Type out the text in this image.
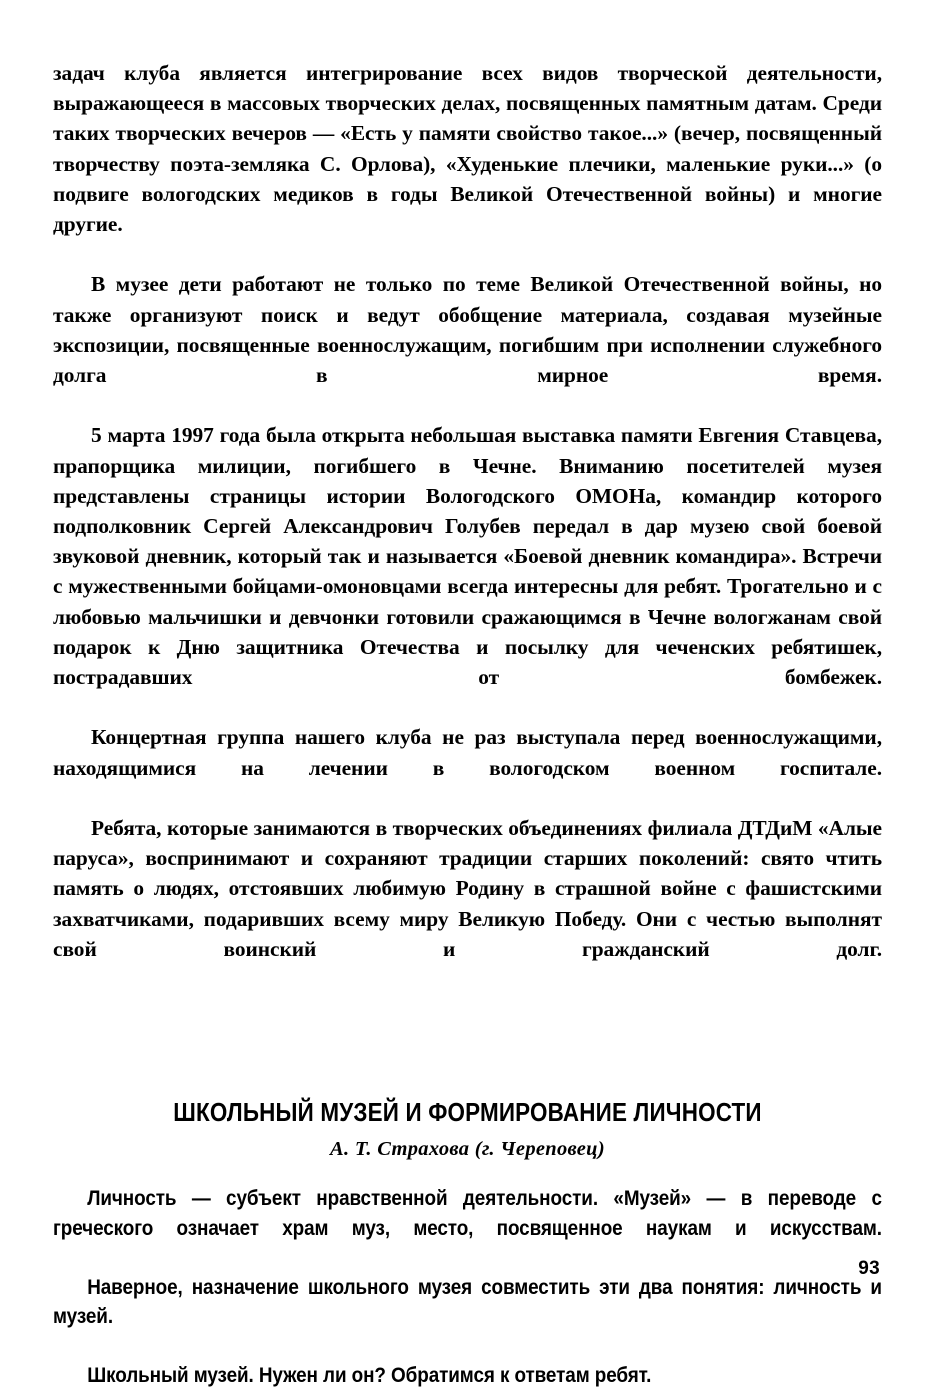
задач клуба является интегрирование всех видов творческой деятельности, выражающееся в массовых творческих делах, посвященных памятным датам. Среди таких творческих вечеров — «Есть у памяти свойство такое...» (вечер, посвященный творчеству поэта-земляка С. Орлова), «Худенькие плечики, маленькие руки...» (о подвиге вологодских медиков в годы Великой Отечественной войны) и многие другие.

В музее дети работают не только по теме Великой Отечественной войны, но также организуют поиск и ведут обобщение материала, создавая музейные экспозиции, посвященные военнослужащим, погибшим при исполнении служебного долга в мирное время.

5 марта 1997 года была открыта небольшая выставка памяти Евгения Ставцева, прапорщика милиции, погибшего в Чечне. Вниманию посетителей музея представлены страницы истории Вологодского ОМОНа, командир которого подполковник Сергей Александрович Голубев передал в дар музею свой боевой звуковой дневник, который так и называется «Боевой дневник командира». Встречи с мужественными бойцами-омоновцами всегда интересны для ребят. Трогательно и с любовью мальчишки и девчонки готовили сражающимся в Чечне вологжанам свой подарок к Дню защитника Отечества и посылку для чеченских ребятишек, пострадавших от бомбежек.

Концертная группа нашего клуба не раз выступала перед военнослужащими, находящимися на лечении в вологодском военном госпитале.

Ребята, которые занимаются в творческих объединениях филиала ДТДиМ «Алые паруса», воспринимают и сохраняют традиции старших поколений: свято чтить память о людях, отстоявших любимую Родину в страшной войне с фашистскими захватчиками, подаривших всему миру Великую Победу. Они с честью выполнят свой воинский и гражданский долг.

ШКОЛЬНЫЙ МУЗЕЙ И ФОРМИРОВАНИЕ ЛИЧНОСТИ

А. Т. Страхова (г. Череповец)

Личность — субъект нравственной деятельности. «Музей» — в переводе с греческого означает храм муз, место, посвященное наукам и искусствам.

Наверное, назначение школьного музея совместить эти два понятия: личность и музей.

Школьный музей. Нужен ли он? Обратимся к ответам ребят.

93
